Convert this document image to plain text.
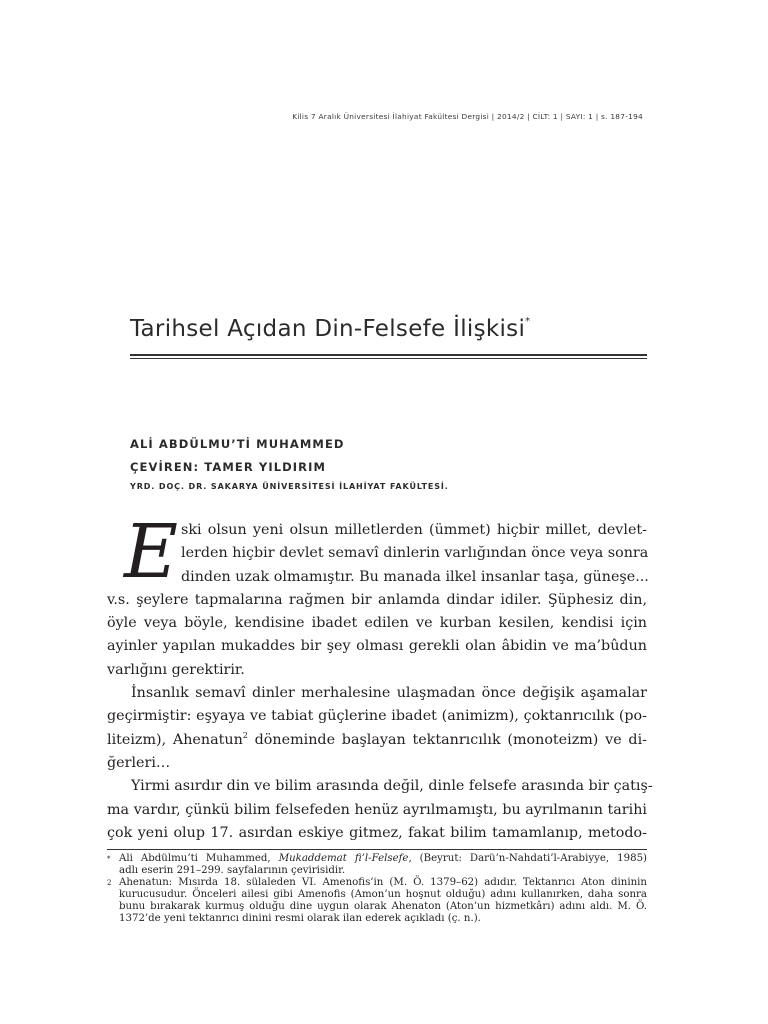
Kilis 7 Aralık Üniversitesi İlahiyat Fakültesi Dergisi | 2014/2 | CİLT: 1 | SAYI: 1 | s. 187-194
Tarihsel Açıdan Din-Felsefe İlişkisi*
ALİ ABDÜLMU’Tİ MUHAMMED
ÇEVİREN: TAMER YILDIRIM
YRD. DOÇ. DR. SAKARYA ÜNİVERSİTESİ İLAHİYAT FAKÜLTESİ.
E ski olsun yeni olsun milletlerden (ümmet) hiçbir millet, devlet-
lerden hiçbir devlet semavî dinlerin varlığından önce veya sonra
dinden uzak olmamıştır. Bu manada ilkel insanlar taşa, güneşe...
v.s. şeylere tapmalarına rağmen bir anlamda dindar idiler. Şüphesiz din,
öyle veya böyle, kendisine ibadet edilen ve kurban kesilen, kendisi için
ayinler yapılan mukaddes bir şey olması gerekli olan âbidin ve ma’bûdun
varlığını gerektirir.
İnsanlık semavî dinler merhalesine ulaşmadan önce değişik aşamalar
geçirmiştir: eşyaya ve tabiat güçlerine ibadet (animizm), çoktanrıcılık (po-
liteizm), Ahenatun$^2$ döneminde başlayan tektanrıcılık (monoteizm) ve di-
ğerleri…
Yirmi asırdır din ve bilim arasında değil, dinle felsefe arasında bir çatış-
ma vardır, çünkü bilim felsefeden henüz ayrılmamıştı, bu ayrılmanın tarihi
çok yeni olup 17. asırdan eskiye gitmez, fakat bilim tamamlanıp, metodo-
* Ali Abdülmu’ti Muhammed, Mukaddemat fi’l-Felsefe, (Beyrut: Darü’n-Nahdati’l-Arabiyye, 1985)
adlı eserin 291–299. sayfalarının çevirisidir.
2 Ahenatun: Mısırda 18. sülaleden VI. Amenofis’in (M. Ö. 1379–62) adıdır. Tektanrıcı Aton dininin
kurucusudur. Önceleri ailesi gibi Amenofis (Amon’un hoşnut olduğu) adını kullanırken, daha sonra
bunu bırakarak kurmuş olduğu dine uygun olarak Ahenaton (Aton’un hizmetkârı) adını aldı. M. Ö.
1372’de yeni tektanrıcı dinini resmi olarak ilan ederek açıkladı (ç. n.).
